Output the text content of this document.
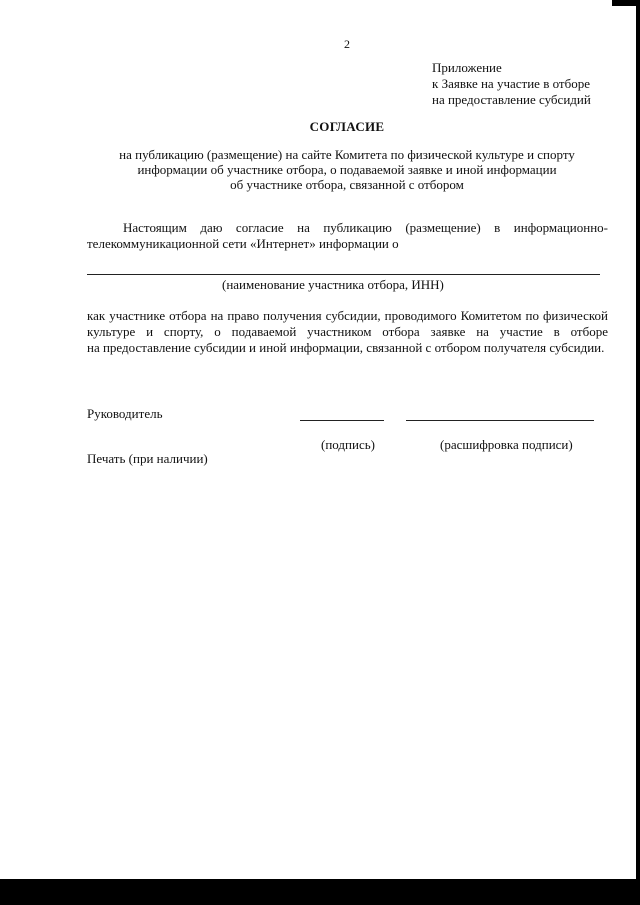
2
Приложение
к Заявке на участие в отборе
на предоставление субсидий
СОГЛАСИЕ
на публикацию (размещение) на сайте Комитета по физической культуре и спорту
информации об участнике отбора, о подаваемой заявке и иной информации
об участнике отбора, связанной с отбором
Настоящим даю согласие на публикацию (размещение) в информационно-
телекоммуникационной сети «Интернет» информации о
(наименование участника отбора, ИНН)
как участнике отбора на право получения субсидии, проводимого Комитетом по физической
культуре и спорту, о подаваемой участником отбора заявке на участие в отборе
на предоставление субсидии и иной информации, связанной с отбором получателя субсидии.
Руководитель
(подпись)	(расшифровка подписи)
Печать (при наличии)
